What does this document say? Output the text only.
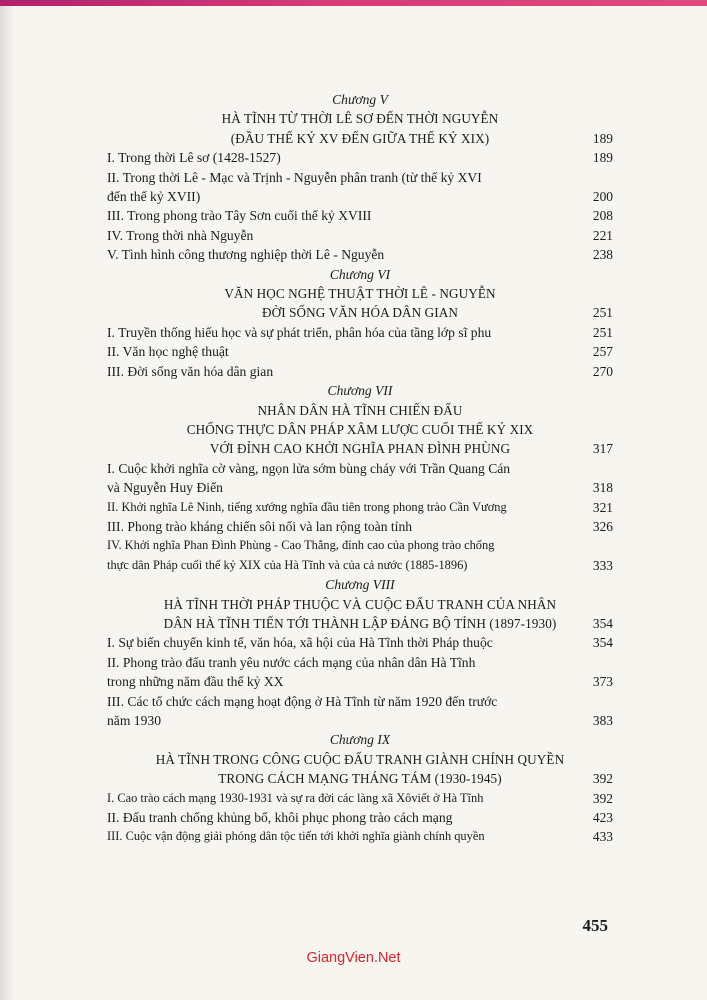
Chương V
HÀ TĨNH TỪ THỜI LÊ SƠ ĐẾN THỜI NGUYỄN
(ĐẦU THẾ KỶ XV ĐẾN GIỮA THẾ KỶ XIX)	189
I. Trong thời Lê sơ (1428-1527)	189
II. Trong thời Lê - Mạc và Trịnh - Nguyễn phân tranh (từ thế kỷ XVI
đến thế kỷ XVII)	200
III. Trong phong trào Tây Sơn cuối thế kỷ XVIII	208
IV. Trong thời nhà Nguyễn	221
V. Tình hình công thương nghiệp thời Lê - Nguyễn	238
Chương VI
VĂN HỌC NGHỆ THUẬT THỜI LÊ - NGUYỄN
ĐỜI SỐNG VĂN HÓA DÂN GIAN	251
I. Truyền thống hiếu học và sự phát triển, phân hóa của tầng lớp sĩ phu	251
II. Văn học nghệ thuật	257
III. Đời sống văn hóa dân gian	270
Chương VII
NHÂN DÂN HÀ TĨNH CHIẾN ĐẤU
CHỐNG THỰC DÂN PHÁP XÂM LƯỢC CUỐI THẾ KỶ XIX
VỚI ĐỈNH CAO KHỞI NGHĨA PHAN ĐÌNH PHÙNG	317
I. Cuộc khởi nghĩa cờ vàng, ngọn lửa sớm bùng cháy với Trần Quang Cán
và Nguyễn Huy Điển	318
II. Khởi nghĩa Lê Ninh, tiếng xướng nghĩa đầu tiên trong phong trào Cần Vương	321
III. Phong trào kháng chiến sôi nổi và lan rộng toàn tỉnh	326
IV. Khởi nghĩa Phan Đình Phùng - Cao Thắng, đỉnh cao của phong trào chống
thực dân Pháp cuối thế kỷ XIX của Hà Tĩnh và của cả nước (1885-1896)	333
Chương VIII
HÀ TĨNH THỜI PHÁP THUỘC VÀ CUỘC ĐẤU TRANH CỦA NHÂN
DÂN HÀ TĨNH TIẾN TỚI THÀNH LẬP ĐẢNG BỘ TỈNH (1897-1930)	354
I. Sự biến chuyển kinh tế, văn hóa, xã hội của Hà Tĩnh thời Pháp thuộc	354
II. Phong trào đấu tranh yêu nước cách mạng của nhân dân Hà Tĩnh
trong những năm đầu thế kỷ XX	373
III. Các tổ chức cách mạng hoạt động ở Hà Tĩnh từ năm 1920 đến trước
năm 1930	383
Chương IX
HÀ TĨNH TRONG CÔNG CUỘC ĐẤU TRANH GIÀNH CHÍNH QUYỀN
TRONG CÁCH MẠNG THÁNG TÁM (1930-1945)	392
I. Cao trào cách mạng 1930-1931 và sự ra đời các làng xã Xôviết ở Hà Tĩnh	392
II. Đấu tranh chống khủng bố, khôi phục phong trào cách mạng	423
III. Cuộc vận động giải phóng dân tộc tiến tới khởi nghĩa giành chính quyền	433
455
GiangVien.Net
